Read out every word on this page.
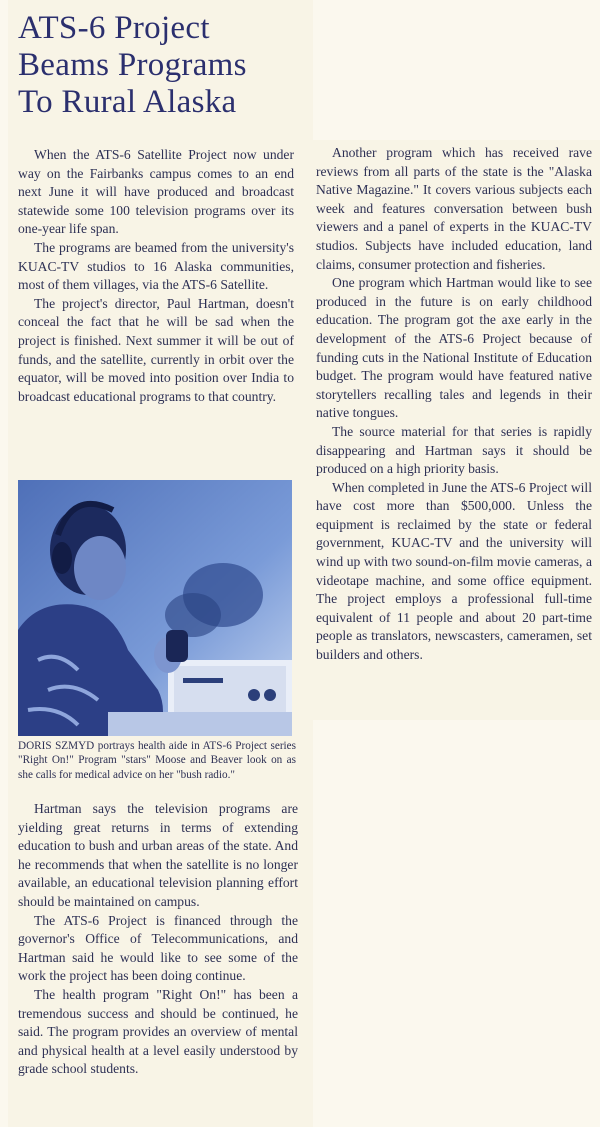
ATS-6 Project
Beams Programs
To Rural Alaska

When the ATS-6 Satellite Project now under way on the Fairbanks campus comes to an end next June it will have produced and broadcast statewide some 100 television programs over its one-year life span.

The programs are beamed from the university's KUAC-TV studios to 16 Alaska communities, most of them villages, via the ATS-6 Satellite.

The project's director, Paul Hartman, doesn't conceal the fact that he will be sad when the project is finished. Next summer it will be out of funds, and the satellite, currently in orbit over the equator, will be moved into position over India to broadcast educational programs to that country.

DORIS SZMYD portrays health aide in ATS-6 Project series "Right On!" Program "stars" Moose and Beaver look on as she calls for medical advice on her "bush radio."

Hartman says the television programs are yielding great returns in terms of extending education to bush and urban areas of the state. And he recommends that when the satellite is no longer available, an educational television planning effort should be maintained on campus.

The ATS-6 Project is financed through the governor's Office of Telecommunications, and Hartman said he would like to see some of the work the project has been doing continue.

The health program "Right On!" has been a tremendous success and should be continued, he said. The program provides an overview of mental and physical health at a level easily understood by grade school students.

Another program which has received rave reviews from all parts of the state is the "Alaska Native Magazine." It covers various subjects each week and features conversation between bush viewers and a panel of experts in the KUAC-TV studios. Subjects have included education, land claims, consumer protection and fisheries.

One program which Hartman would like to see produced in the future is on early childhood education. The program got the axe early in the development of the ATS-6 Project because of funding cuts in the National Institute of Education budget. The program would have featured native storytellers recalling tales and legends in their native tongues.

The source material for that series is rapidly disappearing and Hartman says it should be produced on a high priority basis.

When completed in June the ATS-6 Project will have cost more than $500,000. Unless the equipment is reclaimed by the state or federal government, KUAC-TV and the university will wind up with two sound-on-film movie cameras, a videotape machine, and some office equipment. The project employs a professional full-time equivalent of 11 people and about 20 part-time people as translators, newscasters, cameramen, set builders and others.
